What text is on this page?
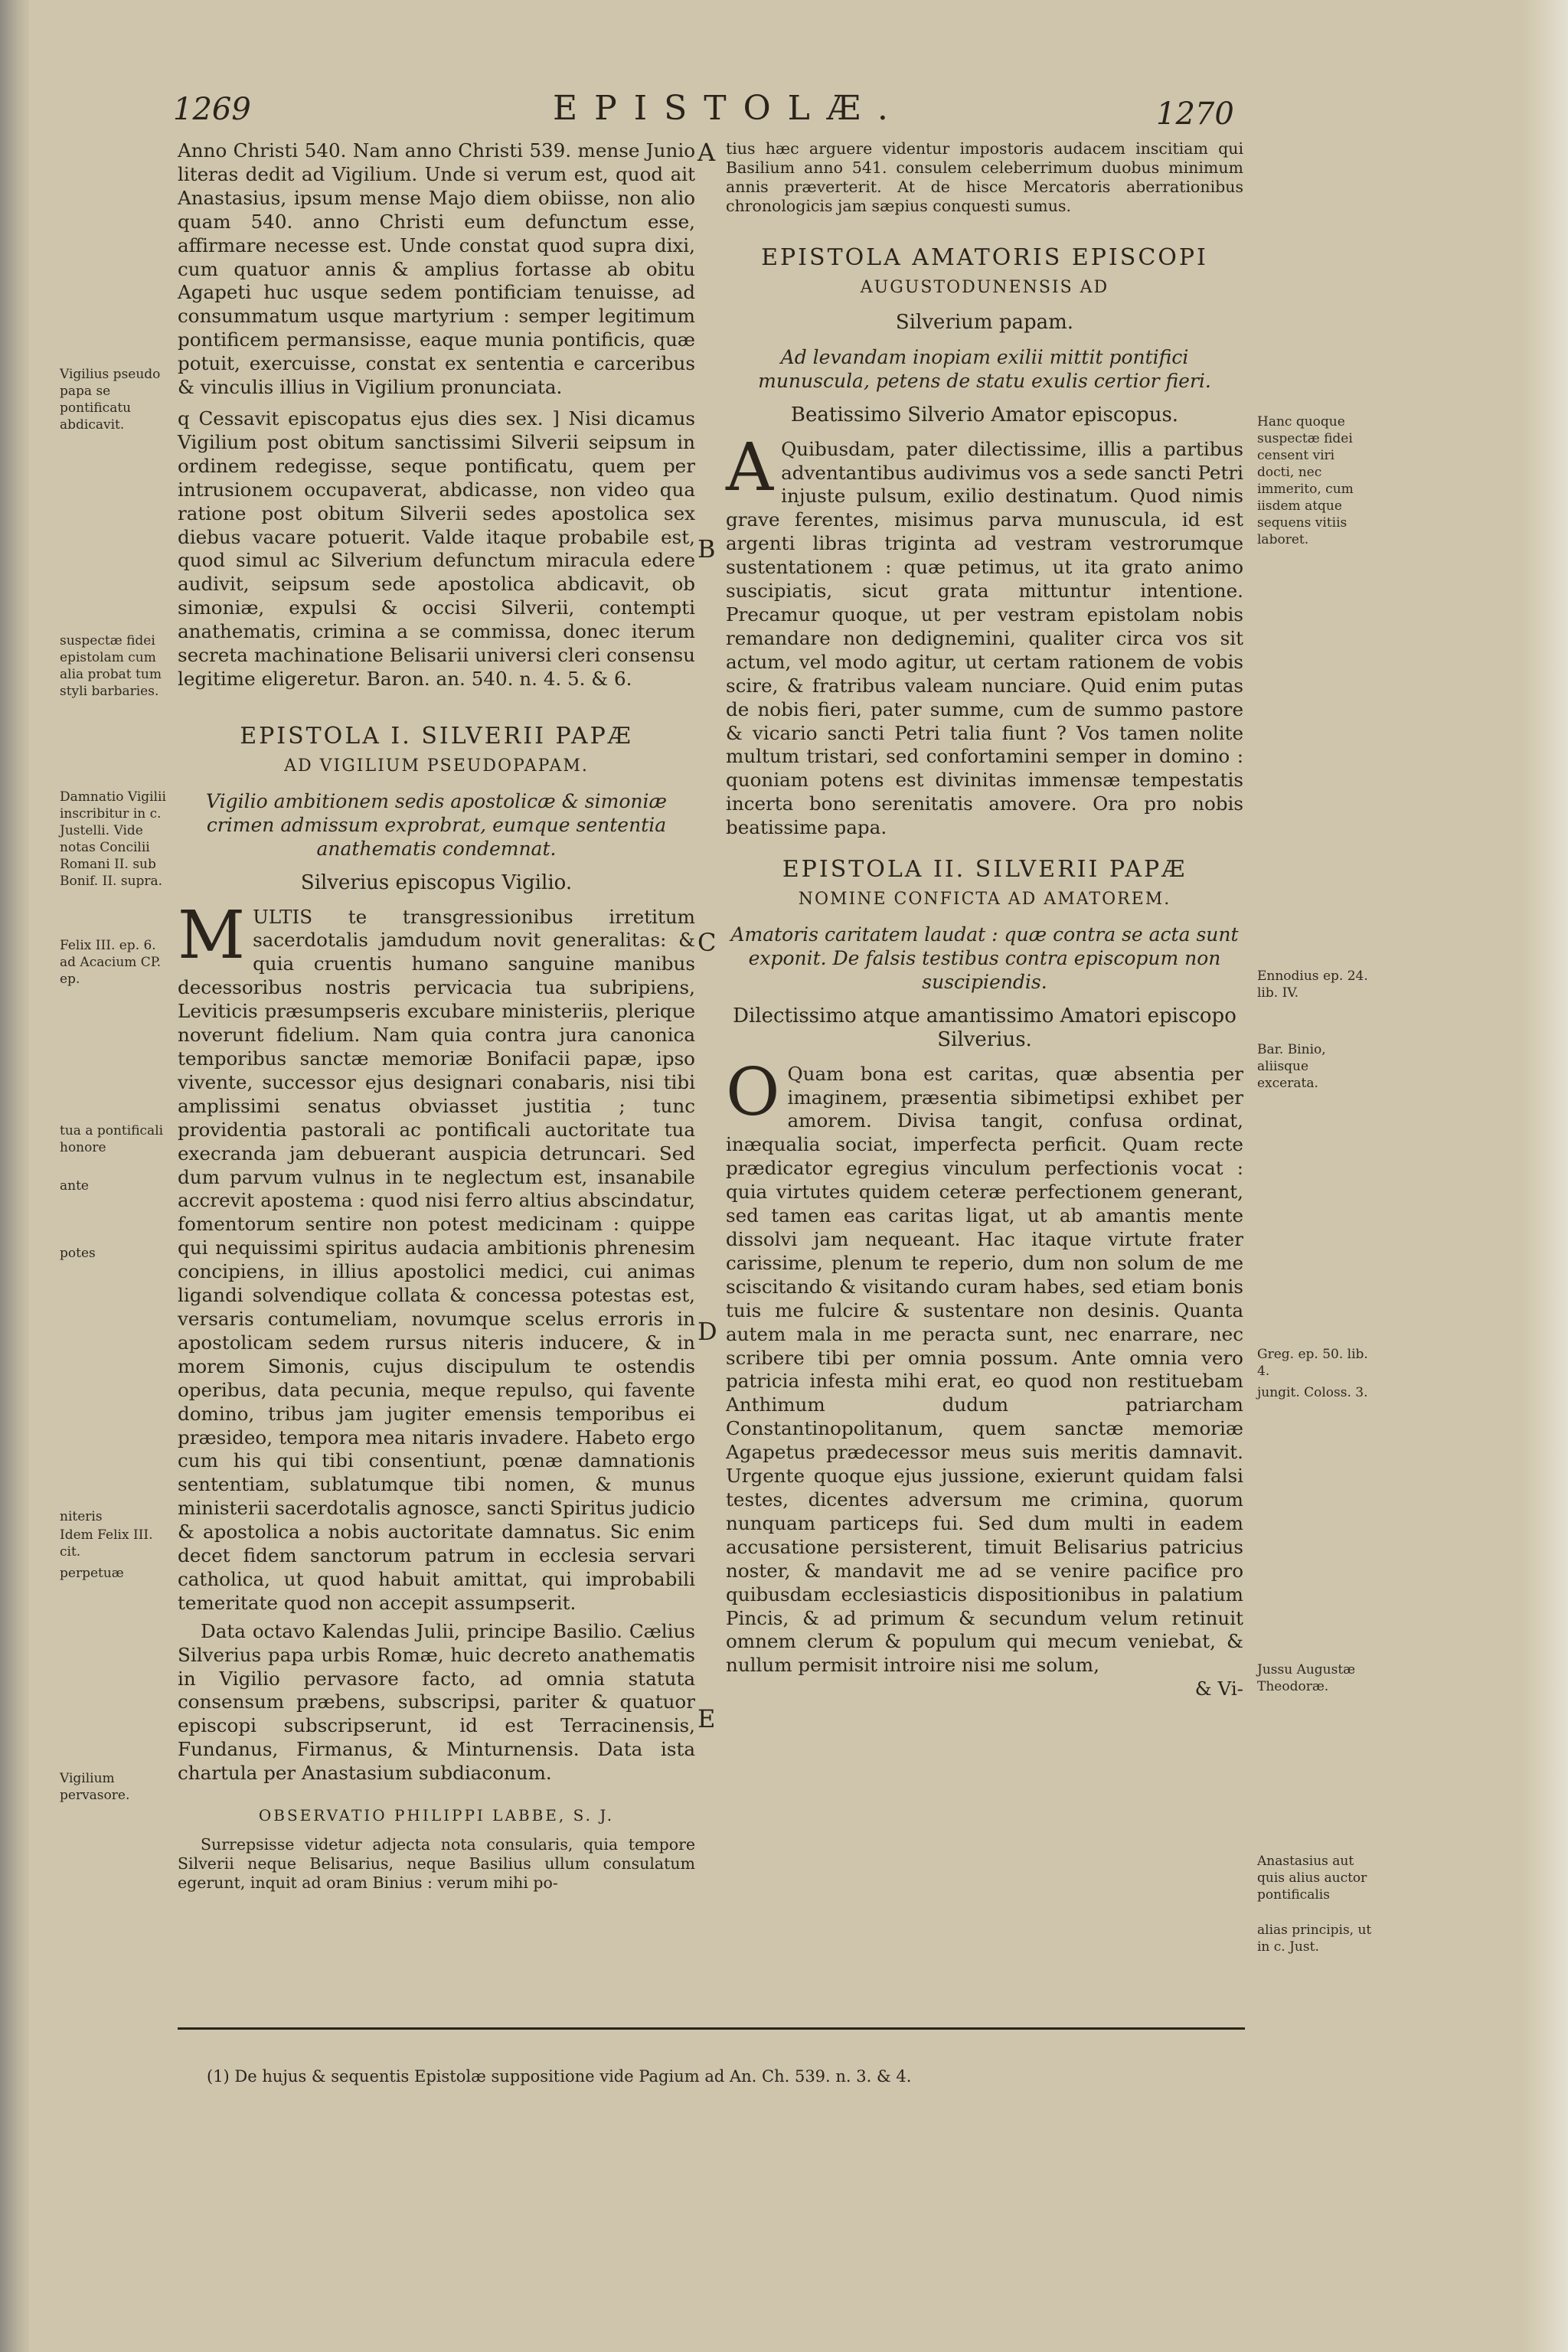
1269	EPISTOLÆ.	1270
A
B
C
D
E
Vigilius pseudo papa se pontificatu abdicavit.
suspectæ fidei epistolam cum alia probat tum styli barbaries.
Damnatio Vigilii inscribitur in c. Justelli. Vide notas Concilii Romani II. sub Bonif. II. supra.
Felix III. ep. 6. ad Acacium CP. ep.
tua a pontificali honore
ante
potes
niteris
Idem Felix III. cit.
perpetuæ
Vigilium pervasore.
Hanc quoque suspectæ fidei censent viri docti, nec immerito, cum iisdem atque sequens vitiis laboret.
Ennodius ep. 24. lib. IV.
Bar. Binio, aliisque excerata.
Greg. ep. 50. lib. 4.
jungit. Coloss. 3.
Jussu Augustæ Theodoræ.
Anastasius aut quis alius auctor pontificalis
alias principis, ut in c. Just.

Anno Christi 540. Nam anno Christi 539. mense Junio literas dedit ad Vigilium. Unde si verum est, quod ait Anastasius, ipsum mense Majo diem obiisse, non alio quam 540. anno Christi eum defunctum esse, affirmare necesse est. Unde constat quod supra dixi, cum quatuor annis & amplius fortasse ab obitu Agapeti huc usque sedem pontificiam tenuisse, ad consummatum usque martyrium : semper legitimum pontificem permansisse, eaque munia pontificis, quæ potuit, exercuisse, constat ex sententia e carceribus & vinculis illius in Vigilium pronunciata.

q Cessavit episcopatus ejus dies sex. ] Nisi dicamus Vigilium post obitum sanctissimi Silverii seipsum in ordinem redegisse, seque pontificatu, quem per intrusionem occupaverat, abdicasse, non video qua ratione post obitum Silverii sedes apostolica sex diebus vacare potuerit. Valde itaque probabile est, quod simul ac Silverium defunctum miracula edere audivit, seipsum sede apostolica abdicavit, ob simoniæ, expulsi & occisi Silverii, contempti anathematis, crimina a se commissa, donec iterum secreta machinatione Belisarii universi cleri consensu legitime eligeretur. Baron. an. 540. n. 4. 5. & 6.

EPISTOLA I. SILVERII PAPÆ
AD VIGILIUM PSEUDOPAPAM.
Vigilio ambitionem sedis apostolicæ & simoniæ crimen admissum exprobrat, eumque sententia anathematis condemnat.
Silverius episcopus Vigilio.

MULTIS te transgressionibus irretitum sacerdotalis jamdudum novit generalitas: & quia cruentis humano sanguine manibus decessoribus nostris pervicacia tua subripiens, Leviticis præsumpseris excubare ministeriis, plerique noverunt fidelium. Nam quia contra jura canonica temporibus sanctæ memoriæ Bonifacii papæ, ipso vivente, successor ejus designari conabaris, nisi tibi amplissimi senatus obviasset justitia ; tunc providentia pastorali ac pontificali auctoritate tua execranda jam debuerant auspicia detruncari. Sed dum parvum vulnus in te neglectum est, insanabile accrevit apostema : quod nisi ferro altius abscindatur, fomentorum sentire non potest medicinam : quippe qui nequissimi spiritus audacia ambitionis phrenesim concipiens, in illius apostolici medici, cui animas ligandi solvendique collata & concessa potestas est, versaris contumeliam, novumque scelus erroris in apostolicam sedem rursus niteris inducere, & in morem Simonis, cujus discipulum te ostendis operibus, data pecunia, meque repulso, qui favente domino, tribus jam jugiter emensis temporibus ei præsideo, tempora mea nitaris invadere. Habeto ergo cum his qui tibi consentiunt, pœnæ damnationis sententiam, sublatumque tibi nomen, & munus ministerii sacerdotalis agnosce, sancti Spiritus judicio & apostolica a nobis auctoritate damnatus. Sic enim decet fidem sanctorum patrum in ecclesia servari catholica, ut quod habuit amittat, qui improbabili temeritate quod non accepit assumpserit.

Data octavo Kalendas Julii, principe Basilio. Cælius Silverius papa urbis Romæ, huic decreto anathematis in Vigilio pervasore facto, ad omnia statuta consensum præbens, subscripsi, pariter & quatuor episcopi subscripserunt, id est Terracinensis, Fundanus, Firmanus, & Minturnensis. Data ista chartula per Anastasium subdiaconum.

OBSERVATIO PHILIPPI LABBE, S. J.

Surrepsisse videtur adjecta nota consularis, quia tempore Silverii neque Belisarius, neque Basilius ullum consulatum egerunt, inquit ad oram Binius : verum mihi po-

tius hæc arguere videntur impostoris audacem inscitiam qui Basilium anno 541. consulem celeberrimum duobus minimum annis præverterit. At de hisce Mercatoris aberrationibus chronologicis jam sæpius conquesti sumus.

EPISTOLA AMATORIS EPISCOPI
AUGUSTODUNENSIS AD
Silverium papam.
Ad levandam inopiam exilii mittit pontifici munuscula, petens de statu exulis certior fieri.
Beatissimo Silverio Amator episcopus.

A Quibusdam, pater dilectissime, illis a partibus adventantibus audivimus vos a sede sancti Petri injuste pulsum, exilio destinatum. Quod nimis grave ferentes, misimus parva munuscula, id est argenti libras triginta ad vestram vestrorumque sustentationem : quæ petimus, ut ita grato animo suscipiatis, sicut grata mittuntur intentione. Precamur quoque, ut per vestram epistolam nobis remandare non dedignemini, qualiter circa vos sit actum, vel modo agitur, ut certam rationem de vobis scire, & fratribus valeam nunciare. Quid enim putas de nobis fieri, pater summe, cum de summo pastore & vicario sancti Petri talia fiunt ? Vos tamen nolite multum tristari, sed confortamini semper in domino : quoniam potens est divinitas immensæ tempestatis incerta bono serenitatis amovere. Ora pro nobis beatissime papa.

EPISTOLA II. SILVERII PAPÆ
NOMINE CONFICTA AD AMATOREM.
Amatoris caritatem laudat : quæ contra se acta sunt exponit. De falsis testibus contra episcopum non suscipiendis.
Dilectissimo atque amantissimo Amatori episcopo Silverius.

O Quam bona est caritas, quæ absentia per imaginem, præsentia sibimetipsi exhibet per amorem. Divisa tangit, confusa ordinat, inæqualia sociat, imperfecta perficit. Quam recte prædicator egregius vinculum perfectionis vocat : quia virtutes quidem ceteræ perfectionem generant, sed tamen eas caritas ligat, ut ab amantis mente dissolvi jam nequeant. Hac itaque virtute frater carissime, plenum te reperio, dum non solum de me sciscitando & visitando curam habes, sed etiam bonis tuis me fulcire & sustentare non desinis. Quanta autem mala in me peracta sunt, nec enarrare, nec scribere tibi per omnia possum. Ante omnia vero patricia infesta mihi erat, eo quod non restituebam Anthimum dudum patriarcham Constantinopolitanum, quem sanctæ memoriæ Agapetus prædecessor meus suis meritis damnavit. Urgente quoque ejus jussione, exierunt quidam falsi testes, dicentes adversum me crimina, quorum nunquam particeps fui. Sed dum multi in eadem accusatione persisterent, timuit Belisarius patricius noster, & mandavit me ad se venire pacifice pro quibusdam ecclesiasticis dispositionibus in palatium Pincis, & ad primum & secundum velum retinuit omnem clerum & populum qui mecum veniebat, & nullum permisit introire nisi me solum,

& Vi-
(1) De hujus & sequentis Epistolæ suppositione vide Pagium ad An. Ch. 539. n. 3. & 4.
